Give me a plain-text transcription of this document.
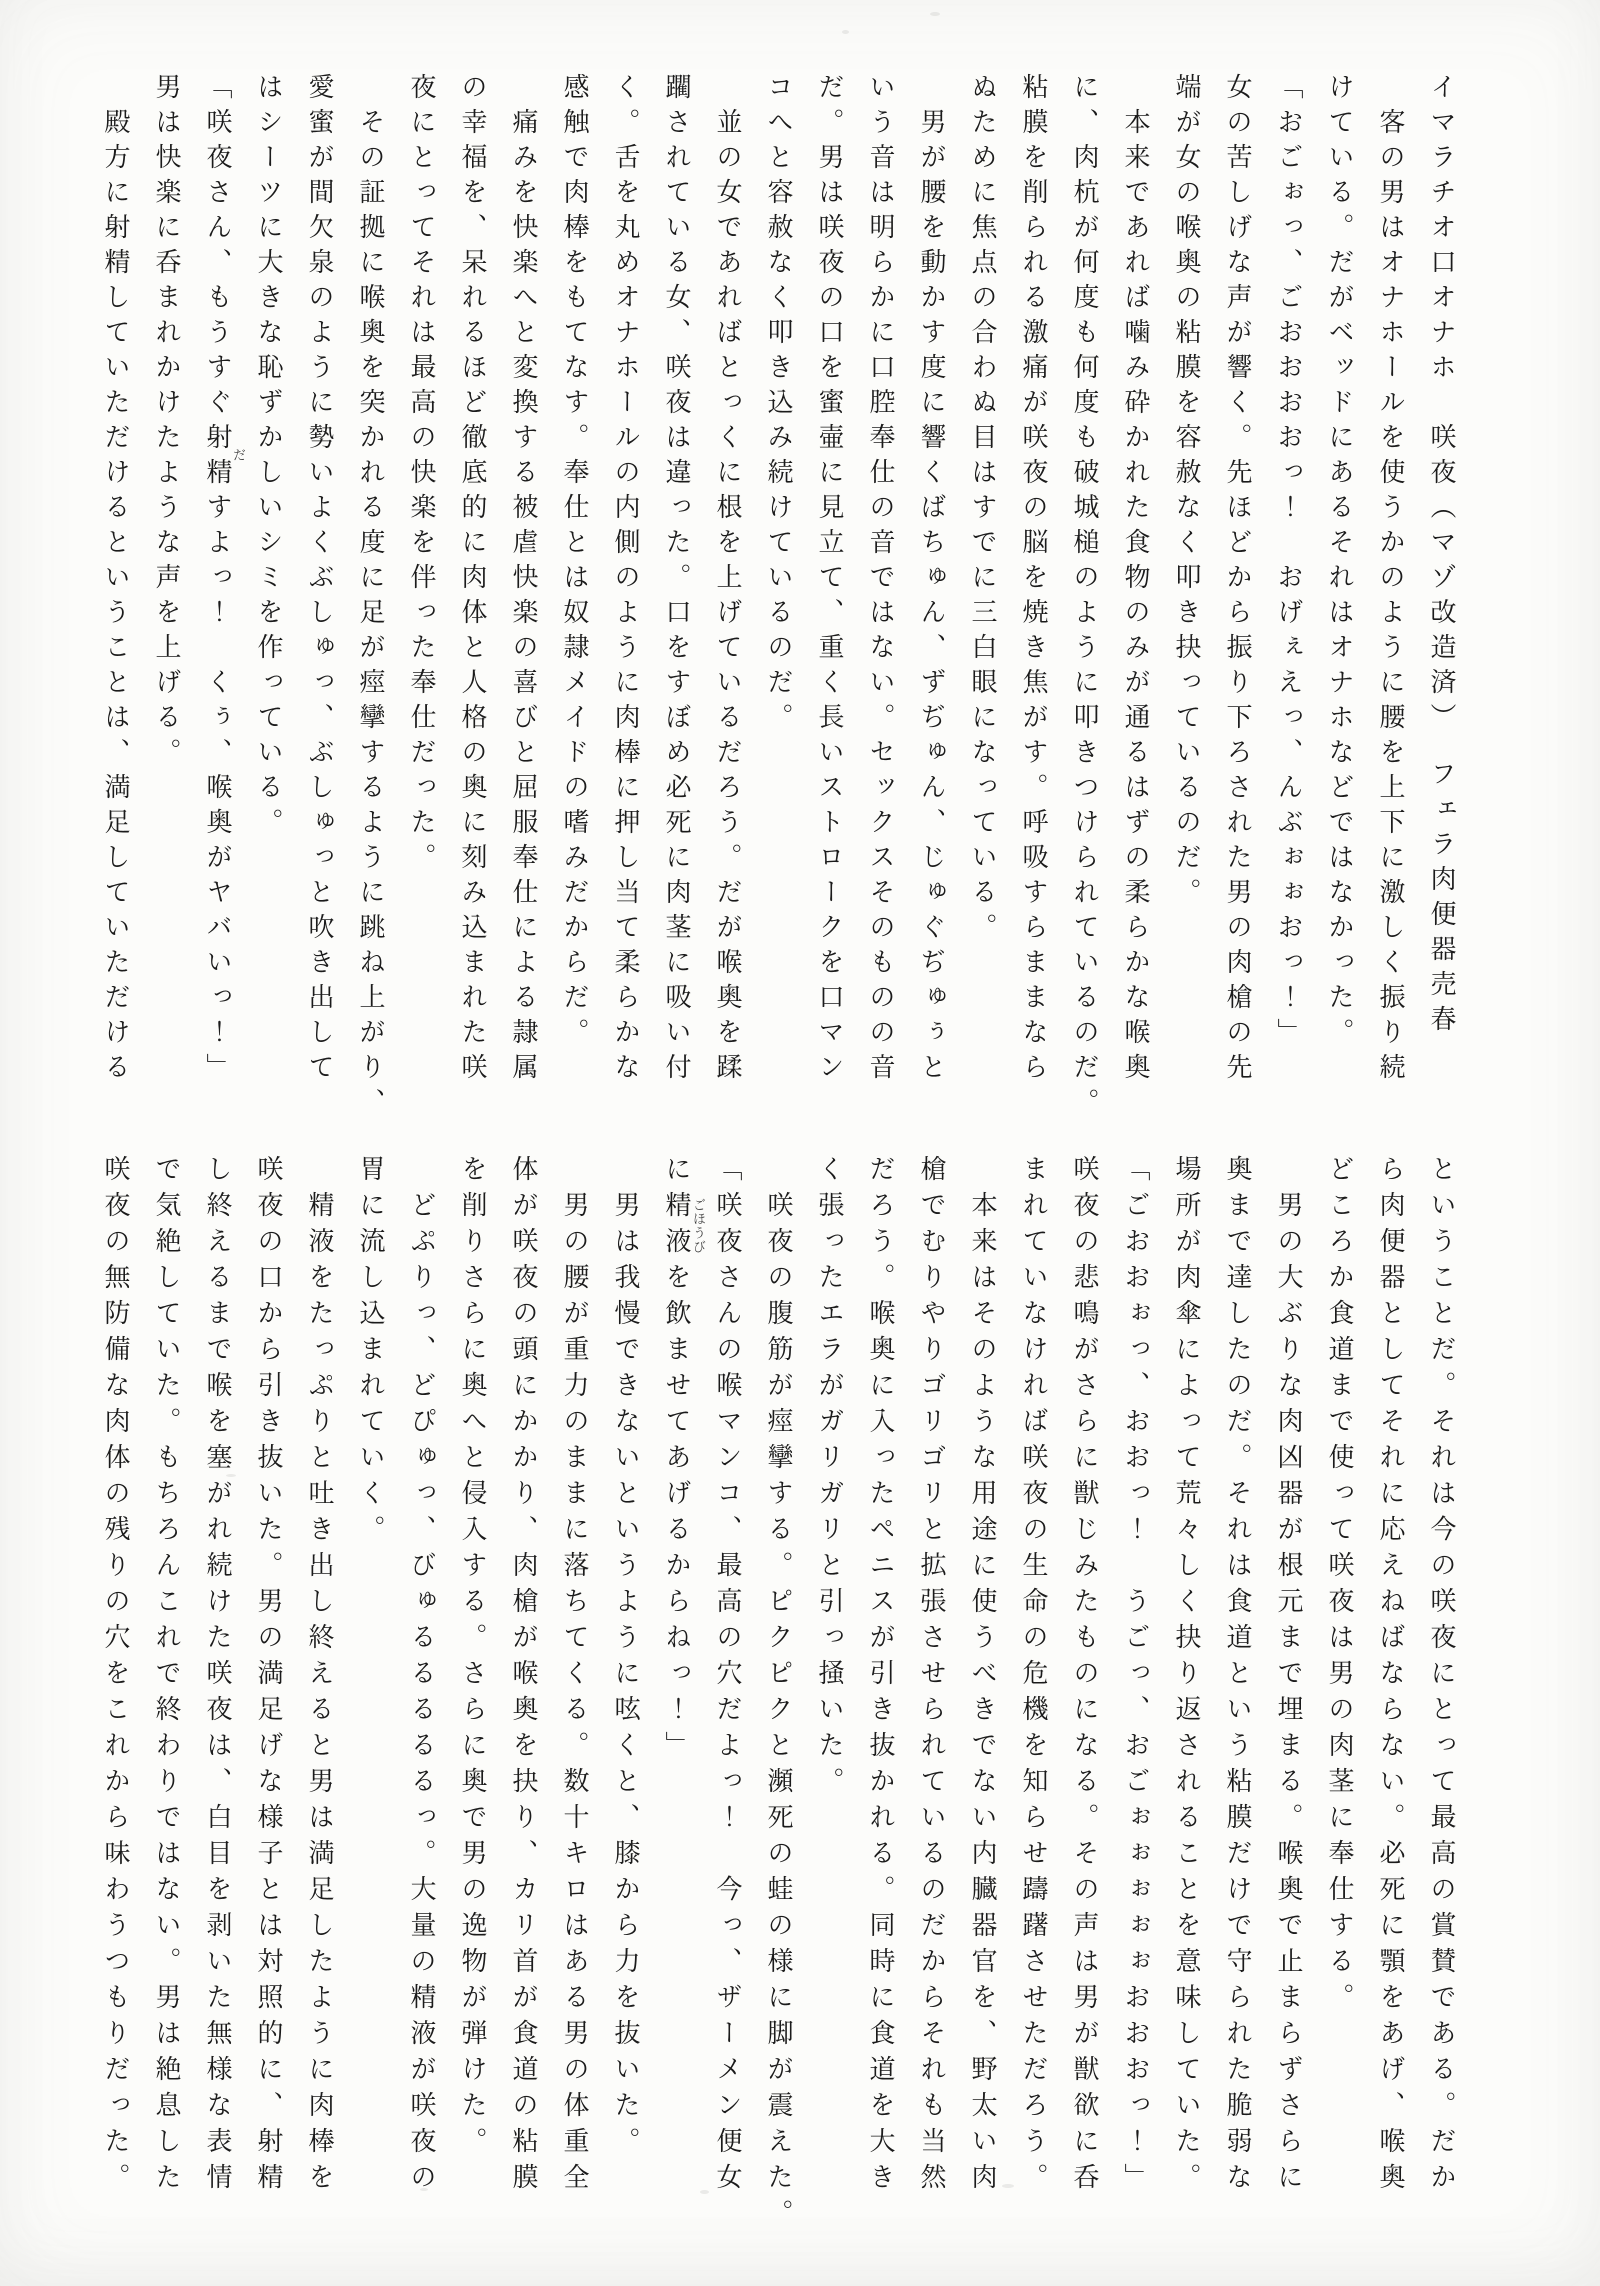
イマラチオ口オナホ　咲夜（マゾ改造済）　フェラ肉便器売春

　客の男はオナホールを使うかのように腰を上下に激しく振り続

けている。だがベッドにあるそれはオナホなどではなかった。

「おごぉっ、ごおおおおっ！　おげぇえっ、んぶぉぉおっ！」

女の苦しげな声が響く。先ほどから振り下ろされた男の肉槍の先

端が女の喉奥の粘膜を容赦なく叩き抉っているのだ。

　本来であれば噛み砕かれた食物のみが通るはずの柔らかな喉奥

に、肉杭が何度も何度も破城槌のように叩きつけられているのだ。

粘膜を削られる激痛が咲夜の脳を焼き焦がす。呼吸すらままなら

ぬために焦点の合わぬ目はすでに三白眼になっている。

　男が腰を動かす度に響くばちゅん、ずぢゅん、じゅぐぢゅぅと

いう音は明らかに口腔奉仕の音ではない。セックスそのものの音

だ。男は咲夜の口を蜜壷に見立て、重く長いストロークを口マン

コへと容赦なく叩き込み続けているのだ。

　並の女であればとっくに根を上げているだろう。だが喉奥を蹂

躙されている女、咲夜は違った。口をすぼめ必死に肉茎に吸い付

く。舌を丸めオナホールの内側のように肉棒に押し当て柔らかな

感触で肉棒をもてなす。奉仕とは奴隷メイドの嗜みだからだ。

　痛みを快楽へと変換する被虐快楽の喜びと屈服奉仕による隷属

の幸福を、呆れるほど徹底的に肉体と人格の奥に刻み込まれた咲

夜にとってそれは最高の快楽を伴った奉仕だった。

　その証拠に喉奥を突かれる度に足が痙攣するように跳ね上がり、

愛蜜が間欠泉のように勢いよくぶしゅっ、ぶしゅっと吹き出して

はシーツに大きな恥ずかしいシミを作っている。

「咲夜さん、もうすぐ射精すよっ！　くぅ、喉奥がヤバいっ！」

男は快楽に呑まれかけたような声を上げる。

　殿方に射精していただけるということは、満足していただける

ということだ。それは今の咲夜にとって最高の賞賛である。だか

ら肉便器としてそれに応えねばならない。必死に顎をあげ、喉奥

どころか食道まで使って咲夜は男の肉茎に奉仕する。

　男の大ぶりな肉凶器が根元まで埋まる。喉奥で止まらずさらに

奥まで達したのだ。それは食道という粘膜だけで守られた脆弱な

場所が肉傘によって荒々しく抉り返されることを意味していた。

「ごおおぉっ、おおっ！　うごっ、おごぉぉぉぉぉおおおっ！」

咲夜の悲鳴がさらに獣じみたものになる。その声は男が獣欲に呑

まれていなければ咲夜の生命の危機を知らせ躊躇させただろう。

　本来はそのような用途に使うべきでない内臓器官を、野太い肉

槍でむりやりゴリゴリと拡張させられているのだからそれも当然

だろう。喉奥に入ったペニスが引き抜かれる。同時に食道を大き

く張ったエラがガリガリと引っ掻いた。

　咲夜の腹筋が痙攣する。ピクピクと瀕死の蛙の様に脚が震えた。

「咲夜さんの喉マンコ、最高の穴だよっ！　今っ、ザーメン便女

に精液を飲ませてあげるからねっ！」

　男は我慢できないというように呟くと、膝から力を抜いた。

　男の腰が重力のままに落ちてくる。数十キロはある男の体重全

体が咲夜の頭にかかり、肉槍が喉奥を抉り、カリ首が食道の粘膜

を削りさらに奥へと侵入する。さらに奥で男の逸物が弾けた。

　どぷりっ、どぴゅっ、びゅるるるるるっ。大量の精液が咲夜の

胃に流し込まれていく。

　精液をたっぷりと吐き出し終えると男は満足したように肉棒を

咲夜の口から引き抜いた。男の満足げな様子とは対照的に、射精

し終えるまで喉を塞がれ続けた咲夜は、白目を剥いた無様な表情

で気絶していた。もちろんこれで終わりではない。男は絶息した

咲夜の無防備な肉体の残りの穴をこれから味わうつもりだった。

だ
ごほうび
